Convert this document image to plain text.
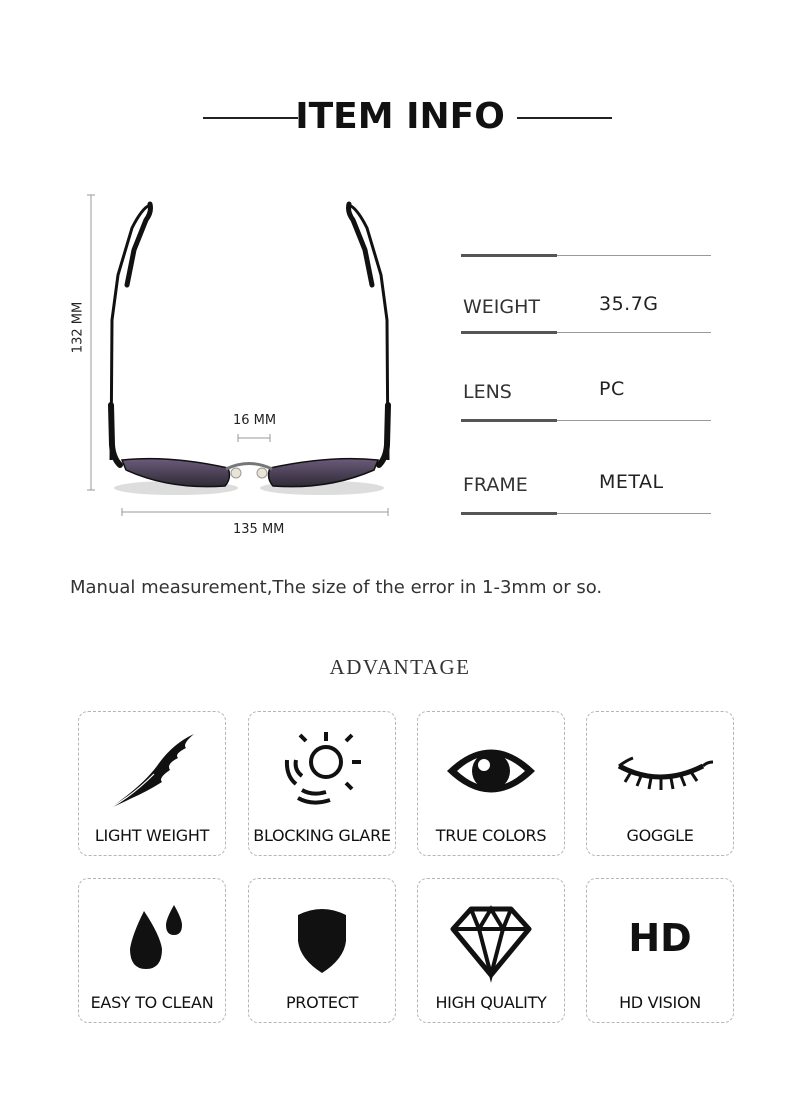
ITEM INFO
132 MM
16 MM
135 MM
WEIGHT	35.7G
LENS	PC
FRAME	METAL
Manual measurement,The size of the error in 1-3mm or so.
ADVANTAGE
LIGHT WEIGHT	BLOCKING GLARE	TRUE COLORS	GOGGLE
EASY TO CLEAN	PROTECT	HIGH QUALITY
HD
HD VISION
